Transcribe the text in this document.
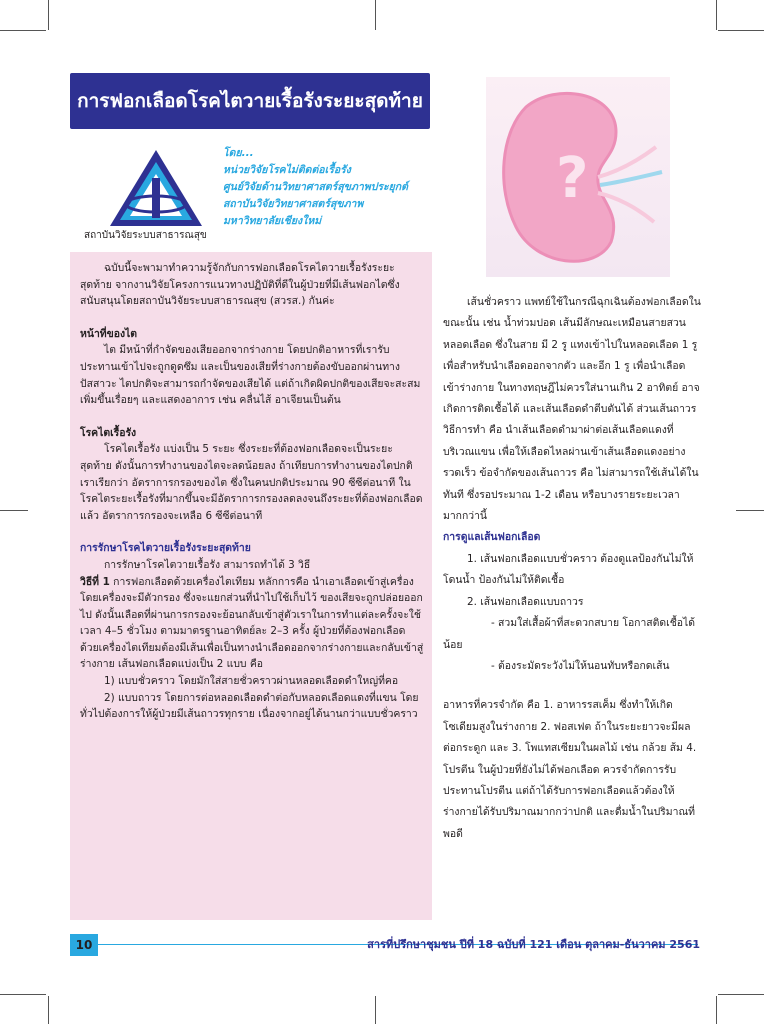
การฟอกเลือดโรคไตวายเรื้อรังระยะสุดท้าย
สถาบันวิจัยระบบสาธารณสุข
โดย...
หน่วยวิจัยโรคไม่ติดต่อเรื้อรัง
ศูนย์วิจัยด้านวิทยาศาสตร์สุขภาพประยุกต์
สถาบันวิจัยวิทยาศาสตร์สุขภาพ
มหาวิทยาลัยเชียงใหม่
?

ฉบับนี้จะพามาทำความรู้จักกับการฟอกเลือดโรคไตวายเรื้อรังระยะสุดท้าย จากงานวิจัยโครงการแนวทางปฏิบัติที่ดีในผู้ป่วยที่มีเส้นฟอกไตซึ่งสนับสนุนโดยสถาบันวิจัยระบบสาธารณสุข (สวรส.) กันค่ะ

หน้าที่ของไต

ไต มีหน้าที่กำจัดของเสียออกจากร่างกาย โดยปกติอาหารที่เรารับประทานเข้าไปจะถูกดูดซึม และเป็นของเสียที่ร่างกายต้องขับออกผ่านทางปัสสาวะ ไตปกติจะสามารถกำจัดของเสียได้ แต่ถ้าเกิดผิดปกติของเสียจะสะสมเพิ่มขึ้นเรื่อยๆ และแสดงอาการ เช่น คลื่นไส้ อาเจียนเป็นต้น

โรคไตเรื้อรัง

โรคไตเรื้อรัง แบ่งเป็น 5 ระยะ ซึ่งระยะที่ต้องฟอกเลือดจะเป็นระยะสุดท้าย ดังนั้นการทำงานของไตจะลดน้อยลง ถ้าเทียบการทำงานของไตปกติเราเรียกว่า อัตราการกรองของไต ซึ่งในคนปกติประมาณ 90 ซีซีต่อนาที ในโรคไตระยะเรื้อรังที่มากขึ้นจะมีอัตราการกรองลดลงจนถึงระยะที่ต้องฟอกเลือดแล้ว อัตราการกรองจะเหลือ 6 ซีซีต่อนาที

การรักษาโรคไตวายเรื้อรังระยะสุดท้าย

การรักษาโรคไตวายเรื้อรัง สามารถทำได้ 3 วิธี

วิธีที่ 1 การฟอกเลือดด้วยเครื่องไตเทียม หลักการคือ นำเอาเลือดเข้าสู่เครื่องโดยเครื่องจะมีตัวกรอง ซึ่งจะแยกส่วนที่นำไปใช้เก็บไว้ ของเสียจะถูกปล่อยออกไป ดังนั้นเลือดที่ผ่านการกรองจะย้อนกลับเข้าสู่ตัวเราในการทำแต่ละครั้งจะใช้เวลา 4–5 ชั่วโมง ตามมาตรฐานอาทิตย์ละ 2–3 ครั้ง ผู้ป่วยที่ต้องฟอกเลือดด้วยเครื่องไตเทียมต้องมีเส้นเพื่อเป็นทางนำเลือดออกจากร่างกายและกลับเข้าสู่ร่างกาย เส้นฟอกเลือดแบ่งเป็น 2 แบบ คือ

1) แบบชั่วคราว โดยมักใส่สายชั่วคราวผ่านหลอดเลือดดำใหญ่ที่คอ

2) แบบถาวร โดยการต่อหลอดเลือดดำต่อกับหลอดเลือดแดงที่แขน โดยทั่วไปต้องการให้ผู้ป่วยมีเส้นถาวรทุกราย เนื่องจากอยู่ได้นานกว่าแบบชั่วคราว

เส้นชั่วคราว แพทย์ใช้ในกรณีฉุกเฉินต้องฟอกเลือดในขณะนั้น เช่น น้ำท่วมปอด เส้นมีลักษณะเหมือนสายสวนหลอดเลือด ซึ่งในสาย มี 2 รู แทงเข้าไปในหลอดเลือด 1 รู เพื่อสำหรับนำเลือดออกจากตัว และอีก 1 รู เพื่อนำเลือดเข้าร่างกาย ในทางทฤษฎีไม่ควรใส่นานเกิน 2 อาทิตย์ อาจเกิดการติดเชื้อได้ และเส้นเลือดดำตีบตันได้ ส่วนเส้นถาวร วิธีการทำ คือ นำเส้นเลือดดำมาผ่าต่อเส้นเลือดแดงที่บริเวณแขน เพื่อให้เลือดไหลผ่านเข้าเส้นเลือดแดงอย่างรวดเร็ว ข้อจำกัดของเส้นถาวร คือ ไม่สามารถใช้เส้นได้ในทันที ซึ่งรอประมาณ 1-2 เดือน หรือบางรายระยะเวลามากกว่านี้

การดูแลเส้นฟอกเลือด

1. เส้นฟอกเลือดแบบชั่วคราว ต้องดูแลป้องกันไม่ให้โดนน้ำ ป้องกันไม่ให้ติดเชื้อ

2. เส้นฟอกเลือดแบบถาวร

- สวมใส่เสื้อผ้าที่สะดวกสบาย โอกาสติดเชื้อได้น้อย

- ต้องระมัดระวังไม่ให้นอนทับหรือกดเส้น

อาหารที่ควรจำกัด คือ 1. อาหารรสเค็ม ซึ่งทำให้เกิดโซเดียมสูงในร่างกาย 2. ฟอสเฟต ถ้าในระยะยาวจะมีผลต่อกระดูก และ 3. โพแทสเซียมในผลไม้ เช่น กล้วย ส้ม 4. โปรตีน ในผู้ป่วยที่ยังไม่ได้ฟอกเลือด ควรจำกัดการรับประทานโปรตีน แต่ถ้าได้รับการฟอกเลือดแล้วต้องให้ร่างกายได้รับปริมาณมากกว่าปกติ และดื่มน้ำในปริมาณที่พอดี

10	สารที่ปรึกษาชุมชน ปีที่ 18 ฉบับที่ 121 เดือน ตุลาคม-ธันวาคม 2561
